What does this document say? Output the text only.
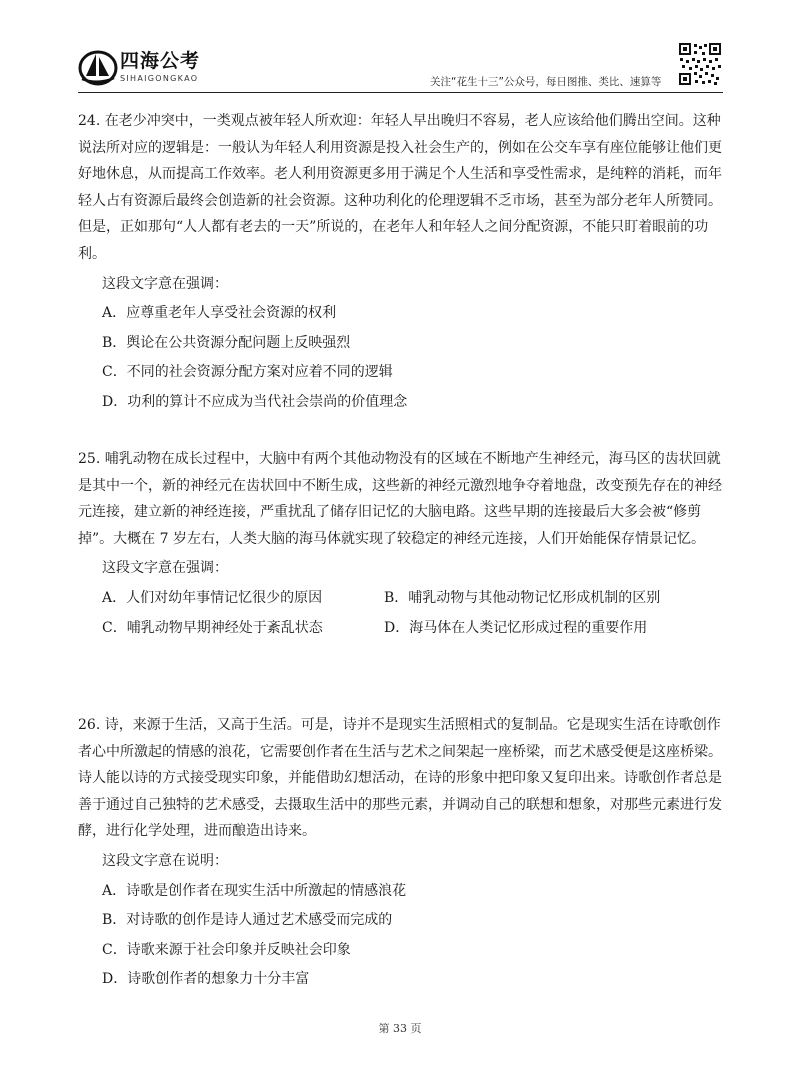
四海公考
SIHAIGONGKAO	关注“花生十三”公众号，每日图推、类比、速算等
24. 在老少冲突中，一类观点被年轻人所欢迎：年轻人早出晚归不容易，老人应该给他们腾出空间。这种说法所对应的逻辑是：一般认为年轻人利用资源是投入社会生产的，例如在公交车享有座位能够让他们更好地休息，从而提高工作效率。老人利用资源更多用于满足个人生活和享受性需求，是纯粹的消耗，而年轻人占有资源后最终会创造新的社会资源。这种功利化的伦理逻辑不乏市场，甚至为部分老年人所赞同。但是，正如那句“人人都有老去的一天”所说的，在老年人和年轻人之间分配资源，不能只盯着眼前的功利。
这段文字意在强调：
A．应尊重老年人享受社会资源的权利
B．舆论在公共资源分配问题上反映强烈
C．不同的社会资源分配方案对应着不同的逻辑
D．功利的算计不应成为当代社会崇尚的价值理念
25. 哺乳动物在成长过程中，大脑中有两个其他动物没有的区域在不断地产生神经元，海马区的齿状回就是其中一个，新的神经元在齿状回中不断生成，这些新的神经元激烈地争夺着地盘，改变预先存在的神经元连接，建立新的神经连接，严重扰乱了储存旧记忆的大脑电路。这些早期的连接最后大多会被“修剪掉”。大概在 7 岁左右，人类大脑的海马体就实现了较稳定的神经元连接，人们开始能保存情景记忆。
这段文字意在强调：
A．人们对幼年事情记忆很少的原因	B．哺乳动物与其他动物记忆形成机制的区别
C．哺乳动物早期神经处于紊乱状态	D．海马体在人类记忆形成过程的重要作用
26. 诗，来源于生活，又高于生活。可是，诗并不是现实生活照相式的复制品。它是现实生活在诗歌创作者心中所激起的情感的浪花，它需要创作者在生活与艺术之间架起一座桥梁，而艺术感受便是这座桥梁。诗人能以诗的方式接受现实印象，并能借助幻想活动，在诗的形象中把印象又复印出来。诗歌创作者总是善于通过自己独特的艺术感受，去摄取生活中的那些元素，并调动自己的联想和想象，对那些元素进行发酵，进行化学处理，进而酿造出诗来。
这段文字意在说明：
A．诗歌是创作者在现实生活中所激起的情感浪花
B．对诗歌的创作是诗人通过艺术感受而完成的
C．诗歌来源于社会印象并反映社会印象
D．诗歌创作者的想象力十分丰富
第 33 页
